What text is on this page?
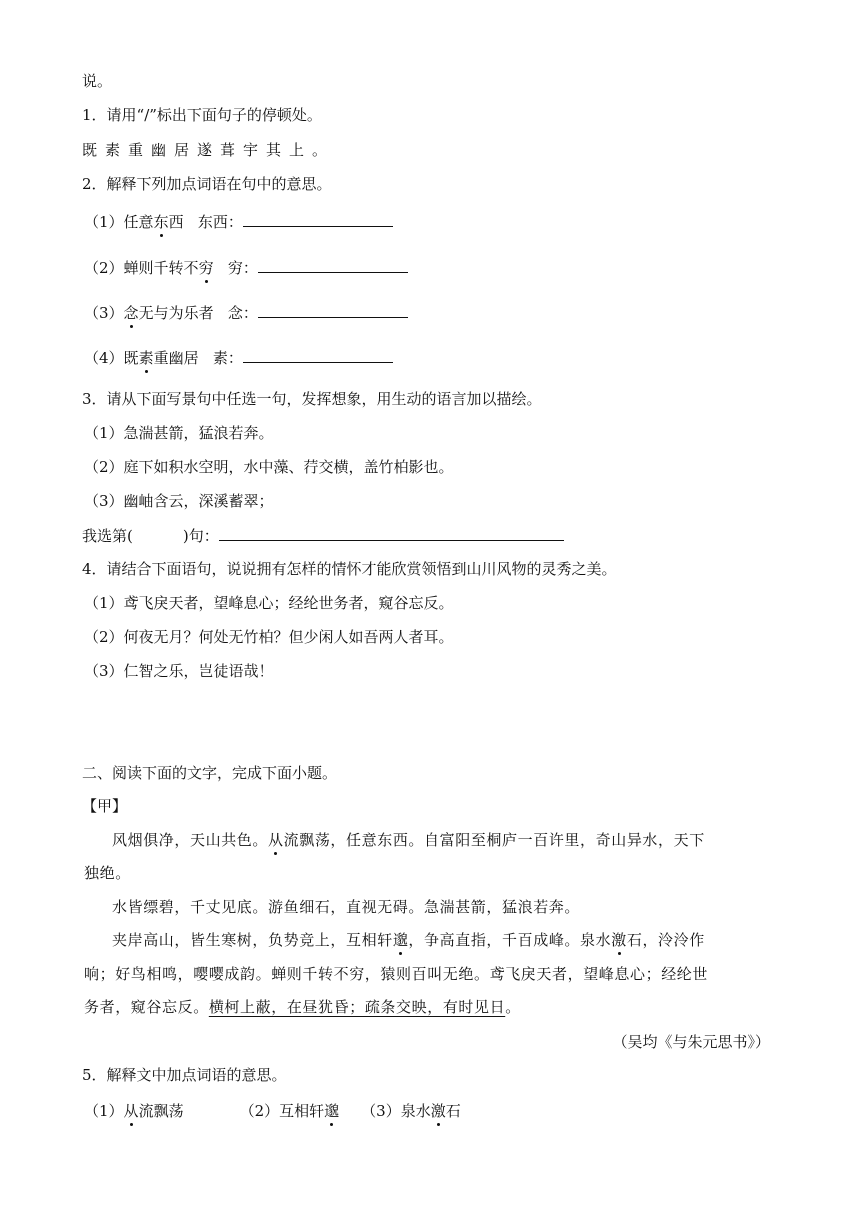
说。
1．请用“/”标出下面句子的停顿处。
既素重幽居遂葺宇其上。
2．解释下列加点词语在句中的意思。
（1）任意东西 东西：
（2）蝉则千转不穷 穷：
（3）念无与为乐者 念：
（4）既素重幽居 素：
3．请从下面写景句中任选一句，发挥想象，用生动的语言加以描绘。
（1）急湍甚箭，猛浪若奔。
（2）庭下如积水空明，水中藻、荇交横，盖竹柏影也。
（3）幽岫含云，深溪蓄翠；
我选第(	)句：
4．请结合下面语句，说说拥有怎样的情怀才能欣赏领悟到山川风物的灵秀之美。
（1）鸢飞戾天者，望峰息心；经纶世务者，窥谷忘反。
（2）何夜无月？何处无竹柏？但少闲人如吾两人者耳。
（3）仁智之乐，岂徒语哉！
二、阅读下面的文字，完成下面小题。
【甲】
风烟俱净，天山共色。从流飘荡，任意东西。自富阳至桐庐一百许里，奇山异水，天下
独绝。
水皆缥碧，千丈见底。游鱼细石，直视无碍。急湍甚箭，猛浪若奔。
夹岸高山，皆生寒树，负势竞上，互相轩邈，争高直指，千百成峰。泉水激石，泠泠作
响；好鸟相鸣，嘤嘤成韵。蝉则千转不穷，猿则百叫无绝。鸢飞戾天者，望峰息心；经纶世
务者，窥谷忘反。横柯上蔽，在昼犹昏；疏条交映，有时见日。
（吴均《与朱元思书》）
5．解释文中加点词语的意思。
（1）从流飘荡	（2）互相轩邈 （3）泉水激石
